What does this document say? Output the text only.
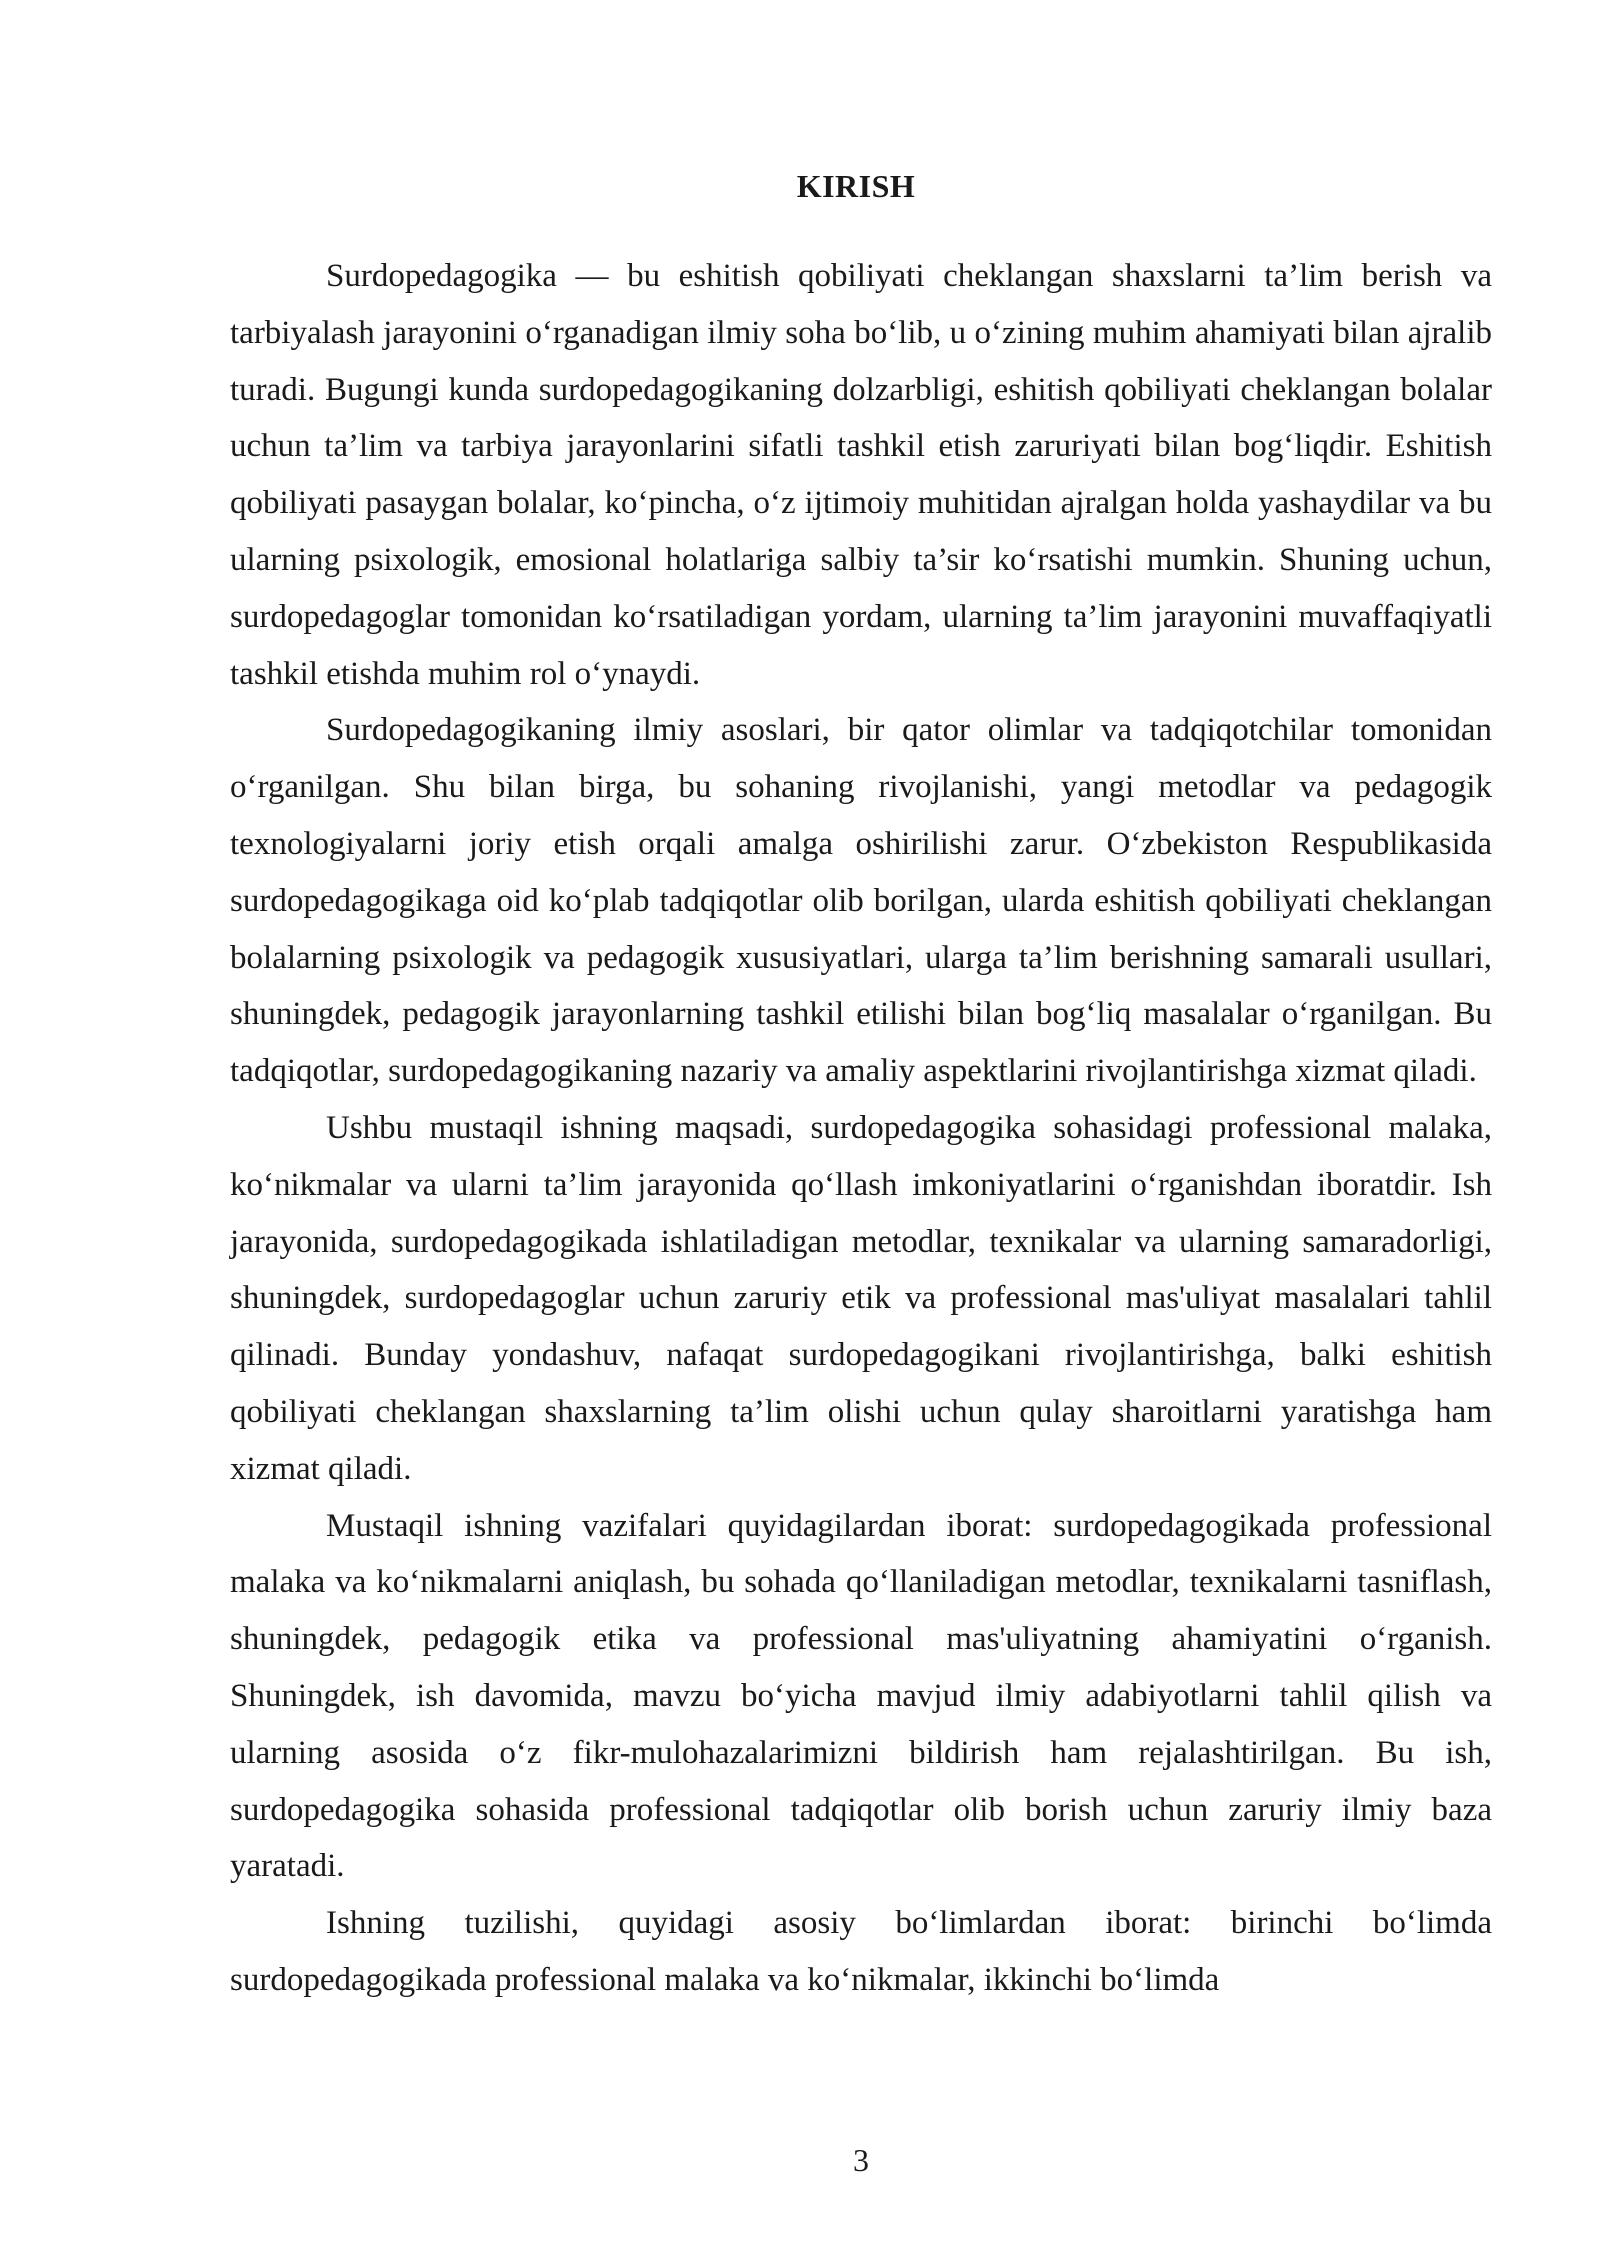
KIRISH

Surdopedagogika — bu eshitish qobiliyati cheklangan shaxslarni ta’lim berish va tarbiyalash jarayonini o‘rganadigan ilmiy soha bo‘lib, u o‘zining muhim ahamiyati bilan ajralib turadi. Bugungi kunda surdopedagogikaning dolzarbligi, eshitish qobiliyati cheklangan bolalar uchun ta’lim va tarbiya jarayonlarini sifatli tashkil etish zaruriyati bilan bog‘liqdir. Eshitish qobiliyati pasaygan bolalar, ko‘pincha, o‘z ijtimoiy muhitidan ajralgan holda yashaydilar va bu ularning psixologik, emosional holatlariga salbiy ta’sir ko‘rsatishi mumkin. Shuning uchun, surdopedagoglar tomonidan ko‘rsatiladigan yordam, ularning ta’lim jarayonini muvaffaqiyatli tashkil etishda muhim rol o‘ynaydi.

Surdopedagogikaning ilmiy asoslari, bir qator olimlar va tadqiqotchilar tomonidan o‘rganilgan. Shu bilan birga, bu sohaning rivojlanishi, yangi metodlar va pedagogik texnologiyalarni joriy etish orqali amalga oshirilishi zarur. O‘zbekiston Respublikasida surdopedagogikaga oid ko‘plab tadqiqotlar olib borilgan, ularda eshitish qobiliyati cheklangan bolalarning psixologik va pedagogik xususiyatlari, ularga ta’lim berishning samarali usullari, shuningdek, pedagogik jarayonlarning tashkil etilishi bilan bog‘liq masalalar o‘rganilgan. Bu tadqiqotlar, surdopedagogikaning nazariy va amaliy aspektlarini rivojlantirishga xizmat qiladi.

Ushbu mustaqil ishning maqsadi, surdopedagogika sohasidagi professional malaka, ko‘nikmalar va ularni ta’lim jarayonida qo‘llash imkoniyatlarini o‘rganishdan iboratdir. Ish jarayonida, surdopedagogikada ishlatiladigan metodlar, texnikalar va ularning samaradorligi, shuningdek, surdopedagoglar uchun zaruriy etik va professional mas'uliyat masalalari tahlil qilinadi. Bunday yondashuv, nafaqat surdopedagogikani rivojlantirishga, balki eshitish qobiliyati cheklangan shaxslarning ta’lim olishi uchun qulay sharoitlarni yaratishga ham xizmat qiladi.

Mustaqil ishning vazifalari quyidagilardan iborat: surdopedagogikada professional malaka va ko‘nikmalarni aniqlash, bu sohada qo‘llaniladigan metodlar, texnikalarni tasniflash, shuningdek, pedagogik etika va professional mas'uliyatning ahamiyatini o‘rganish. Shuningdek, ish davomida, mavzu bo‘yicha mavjud ilmiy adabiyotlarni tahlil qilish va ularning asosida o‘z fikr-mulohazalarimizni bildirish ham rejalashtirilgan. Bu ish, surdopedagogika sohasida professional tadqiqotlar olib borish uchun zaruriy ilmiy baza yaratadi.

Ishning tuzilishi, quyidagi asosiy bo‘limlardan iborat: birinchi bo‘limda surdopedagogikada professional malaka va ko‘nikmalar, ikkinchi bo‘limda

3
